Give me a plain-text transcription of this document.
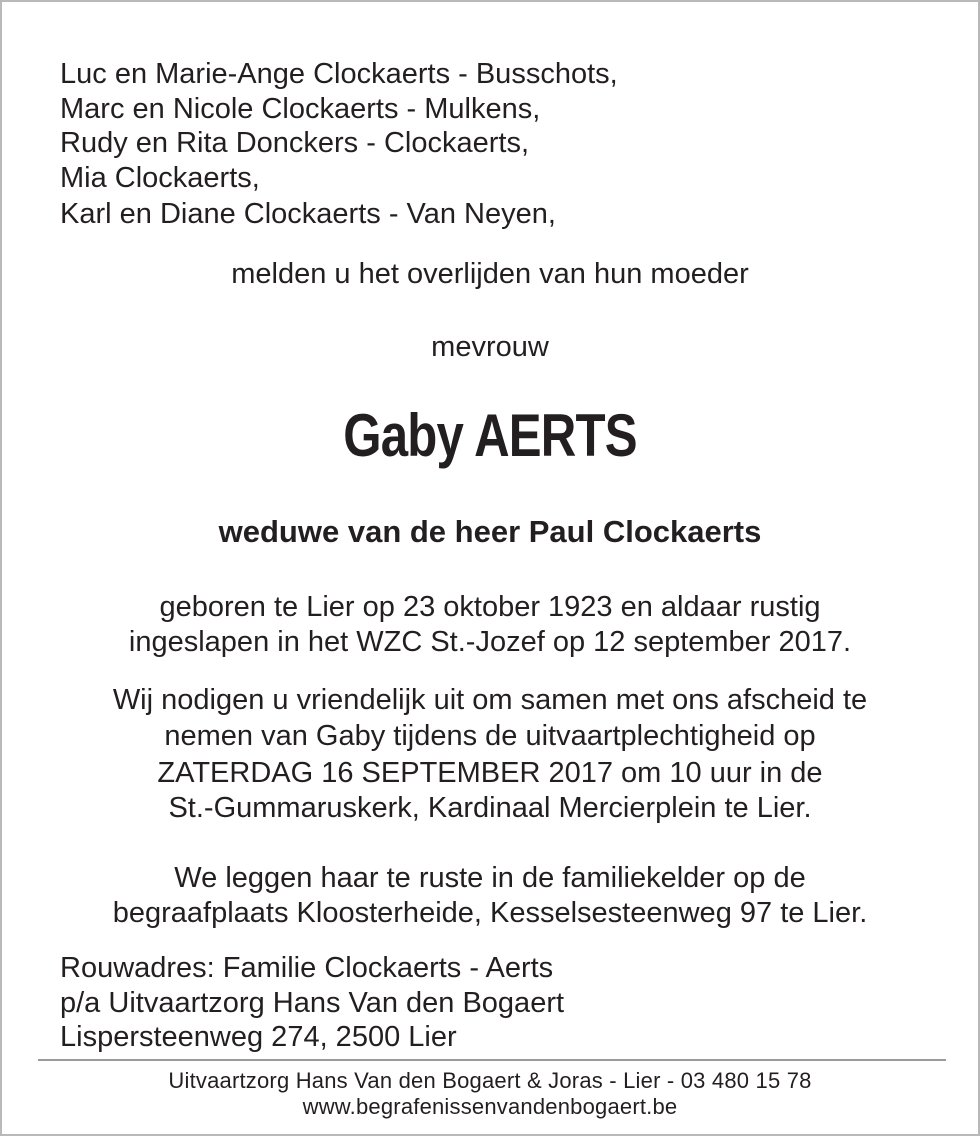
Luc en Marie-Ange Clockaerts - Busschots,
Marc en Nicole Clockaerts - Mulkens,
Rudy en Rita Donckers - Clockaerts,
Mia Clockaerts,
Karl en Diane Clockaerts - Van Neyen,
melden u het overlijden van hun moeder
mevrouw
Gaby AERTS
weduwe van de heer Paul Clockaerts
geboren te Lier op 23 oktober 1923 en aldaar rustig
ingeslapen in het WZC St.-Jozef op 12 september 2017.
Wij nodigen u vriendelijk uit om samen met ons afscheid te
nemen van Gaby tijdens de uitvaartplechtigheid op
ZATERDAG 16 SEPTEMBER 2017 om 10 uur in de
St.-Gummaruskerk, Kardinaal Mercierplein te Lier.
We leggen haar te ruste in de familiekelder op de
begraafplaats Kloosterheide, Kesselsesteenweg 97 te Lier.
Rouwadres: Familie Clockaerts - Aerts
p/a Uitvaartzorg Hans Van den Bogaert
Lispersteenweg 274, 2500 Lier
Uitvaartzorg Hans Van den Bogaert & Joras - Lier - 03 480 15 78
www.begrafenissenvandenbogaert.be
